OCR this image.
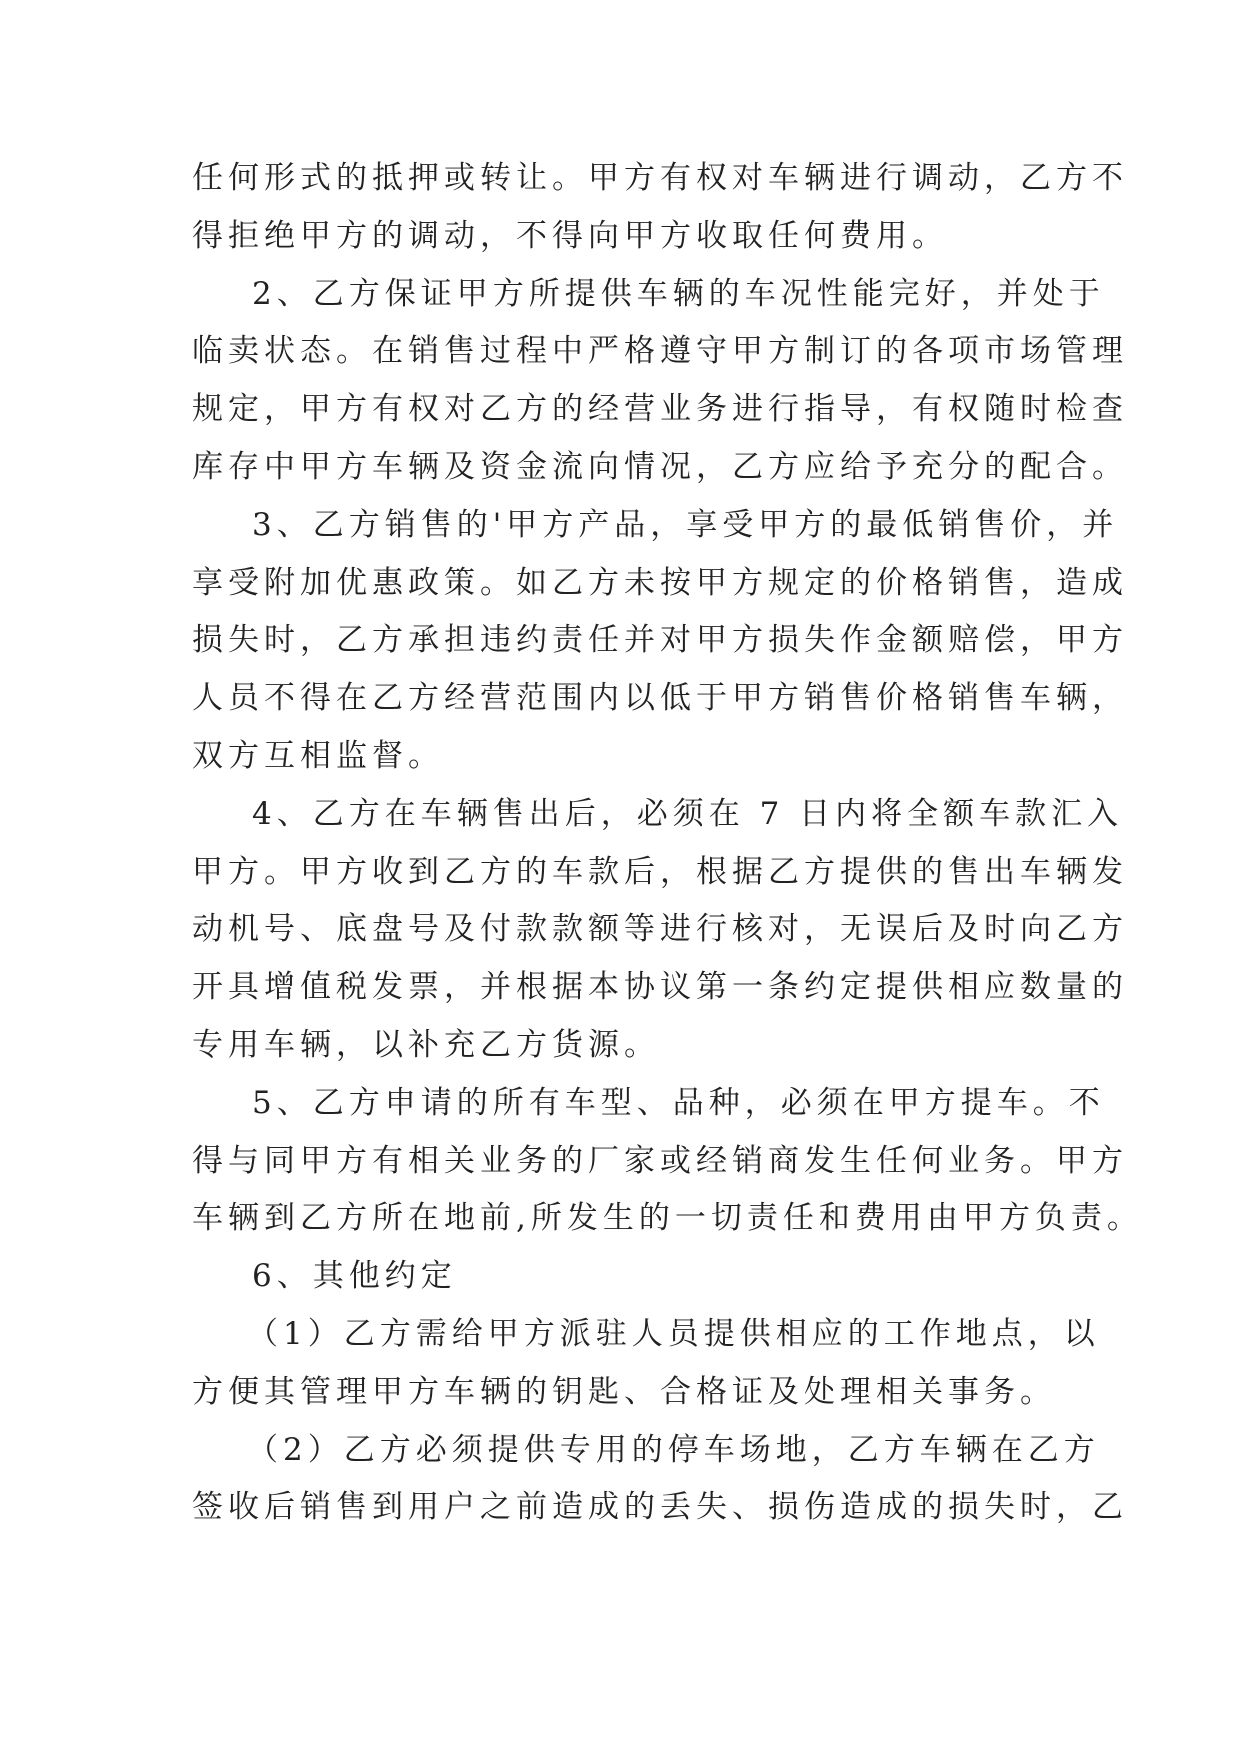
任何形式的抵押或转让。甲方有权对车辆进行调动，乙方不
得拒绝甲方的调动，不得向甲方收取任何费用。
2、乙方保证甲方所提供车辆的车况性能完好，并处于
临卖状态。在销售过程中严格遵守甲方制订的各项市场管理
规定，甲方有权对乙方的经营业务进行指导，有权随时检查
库存中甲方车辆及资金流向情况，乙方应给予充分的配合。
3、乙方销售的'甲方产品，享受甲方的最低销售价，并
享受附加优惠政策。如乙方未按甲方规定的价格销售，造成
损失时，乙方承担违约责任并对甲方损失作金额赔偿，甲方
人员不得在乙方经营范围内以低于甲方销售价格销售车辆，
双方互相监督。
4、乙方在车辆售出后，必须在 7 日内将全额车款汇入
甲方。甲方收到乙方的车款后，根据乙方提供的售出车辆发
动机号、底盘号及付款款额等进行核对，无误后及时向乙方
开具增值税发票，并根据本协议第一条约定提供相应数量的
专用车辆，以补充乙方货源。
5、乙方申请的所有车型、品种，必须在甲方提车。不
得与同甲方有相关业务的厂家或经销商发生任何业务。甲方
车辆到乙方所在地前,所发生的一切责任和费用由甲方负责。
6、其他约定
（1）乙方需给甲方派驻人员提供相应的工作地点，以
方便其管理甲方车辆的钥匙、合格证及处理相关事务。
（2）乙方必须提供专用的停车场地，乙方车辆在乙方
签收后销售到用户之前造成的丢失、损伤造成的损失时，乙
